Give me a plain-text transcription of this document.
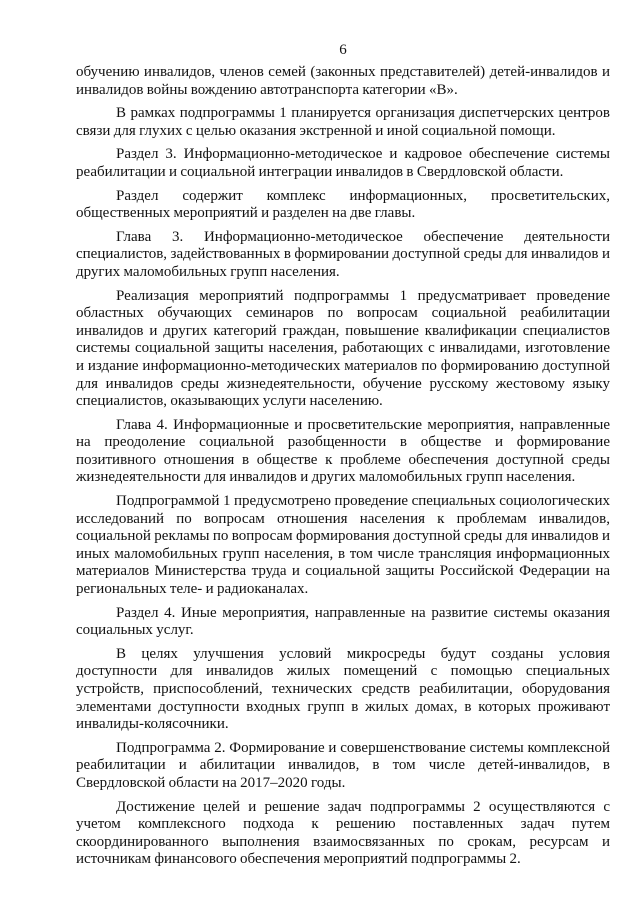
6

обучению инвалидов, членов семей (законных представителей) детей-инвалидов и инвалидов войны вождению автотранспорта категории «В».

В рамках подпрограммы 1 планируется организация диспетчерских центров связи для глухих с целью оказания экстренной и иной социальной помощи.

Раздел 3. Информационно-методическое и кадровое обеспечение системы реабилитации и социальной интеграции инвалидов в Свердловской области.

Раздел содержит комплекс информационных, просветительских, общественных мероприятий и разделен на две главы.

Глава 3. Информационно-методическое обеспечение деятельности специалистов, задействованных в формировании доступной среды для инвалидов и других маломобильных групп населения.

Реализация мероприятий подпрограммы 1 предусматривает проведение областных обучающих семинаров по вопросам социальной реабилитации инвалидов и других категорий граждан, повышение квалификации специалистов системы социальной защиты населения, работающих с инвалидами, изготовление и издание информационно-методических материалов по формированию доступной для инвалидов среды жизнедеятельности, обучение русскому жестовому языку специалистов, оказывающих услуги населению.

Глава 4. Информационные и просветительские мероприятия, направленные на преодоление социальной разобщенности в обществе и формирование позитивного отношения в обществе к проблеме обеспечения доступной среды жизнедеятельности для инвалидов и других маломобильных групп населения.

Подпрограммой 1 предусмотрено проведение специальных социологических исследований по вопросам отношения населения к проблемам инвалидов, социальной рекламы по вопросам формирования доступной среды для инвалидов и иных маломобильных групп населения, в том числе трансляция информационных материалов Министерства труда и социальной защиты Российской Федерации на региональных теле- и радиоканалах.

Раздел 4. Иные мероприятия, направленные на развитие системы оказания социальных услуг.

В целях улучшения условий микросреды будут созданы условия доступности для инвалидов жилых помещений с помощью специальных устройств, приспособлений, технических средств реабилитации, оборудования элементами доступности входных групп в жилых домах, в которых проживают инвалиды-колясочники.

Подпрограмма 2. Формирование и совершенствование системы комплексной реабилитации и абилитации инвалидов, в том числе детей-инвалидов, в Свердловской области на 2017–2020 годы.

Достижение целей и решение задач подпрограммы 2 осуществляются с учетом комплексного подхода к решению поставленных задач путем скоординированного выполнения взаимосвязанных по срокам, ресурсам и источникам финансового обеспечения мероприятий подпрограммы 2.
